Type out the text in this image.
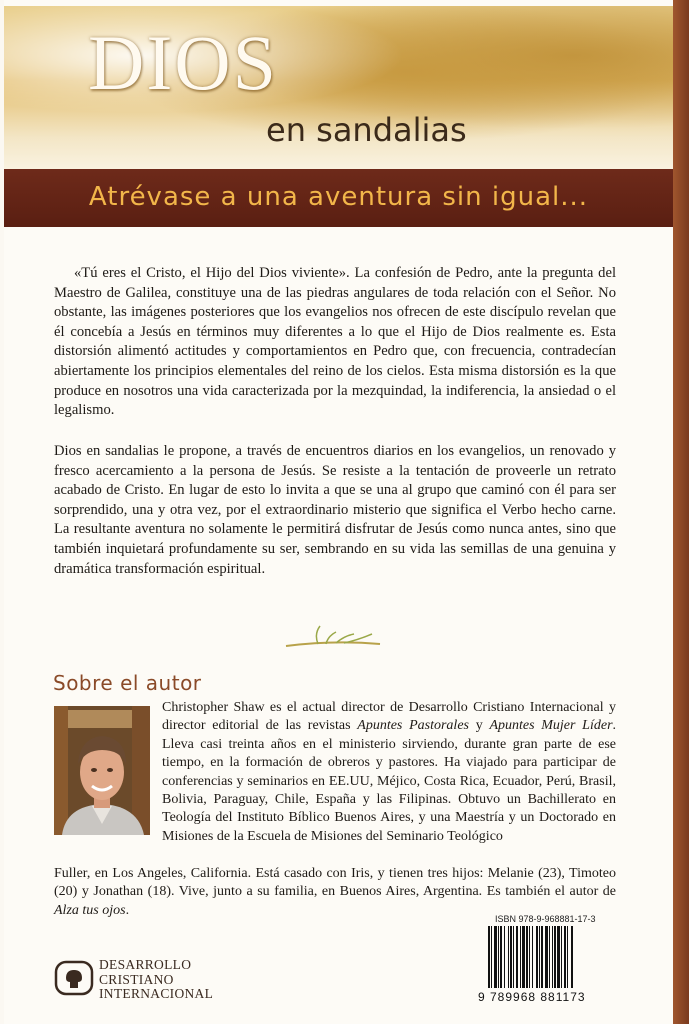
DIOS
en sandalias
Atrévase a una aventura sin igual...

«Tú eres el Cristo, el Hijo del Dios viviente». La confesión de Pedro, ante la pregunta del Maestro de Galilea, constituye una de las piedras angulares de toda relación con el Señor. No obstante, las imágenes posteriores que los evangelios nos ofrecen de este discípulo revelan que él concebía a Jesús en términos muy diferentes a lo que el Hijo de Dios realmente es. Esta distorsión alimentó actitudes y comportamientos en Pedro que, con frecuencia, contradecían abiertamente los principios elementales del reino de los cielos. Esta misma distorsión es la que produce en nosotros una vida caracterizada por la mezquindad, la indiferencia, la ansiedad o el legalismo.

Dios en sandalias le propone, a través de encuentros diarios en los evangelios, un renovado y fresco acercamiento a la persona de Jesús. Se resiste a la tentación de proveerle un retrato acabado de Cristo. En lugar de esto lo invita a que se una al grupo que caminó con él para ser sorprendido, una y otra vez, por el extraordinario misterio que significa el Verbo hecho carne. La resultante aventura no solamente le permitirá disfrutar de Jesús como nunca antes, sino que también inquietará profundamente su ser, sembrando en su vida las semillas de una genuina y dramática transformación espiritual.

Sobre el autor

Christopher Shaw es el actual director de Desarrollo Cristiano Internacional y director editorial de las revistas Apuntes Pastorales y Apuntes Mujer Líder. Lleva casi treinta años en el ministerio sirviendo, durante gran parte de ese tiempo, en la formación de obreros y pastores. Ha viajado para participar de conferencias y seminarios en EE.UU, Méjico, Costa Rica, Ecuador, Perú, Brasil, Bolivia, Paraguay, Chile, España y las Filipinas. Obtuvo un Bachillerato en Teología del Instituto Bíblico Buenos Aires, y una Maestría y un Doctorado en Misiones de la Escuela de Misiones del Seminario Teológico

Fuller, en Los Angeles, California. Está casado con Iris, y tienen tres hijos: Melanie (23), Timoteo (20) y Jonathan (18). Vive, junto a su familia, en Buenos Aires, Argentina. Es también el autor de Alza tus ojos.

DESARROLLO
CRISTIANO
INTERNACIONAL
ISBN 978-9-968881-17-3
9 789968 881173
